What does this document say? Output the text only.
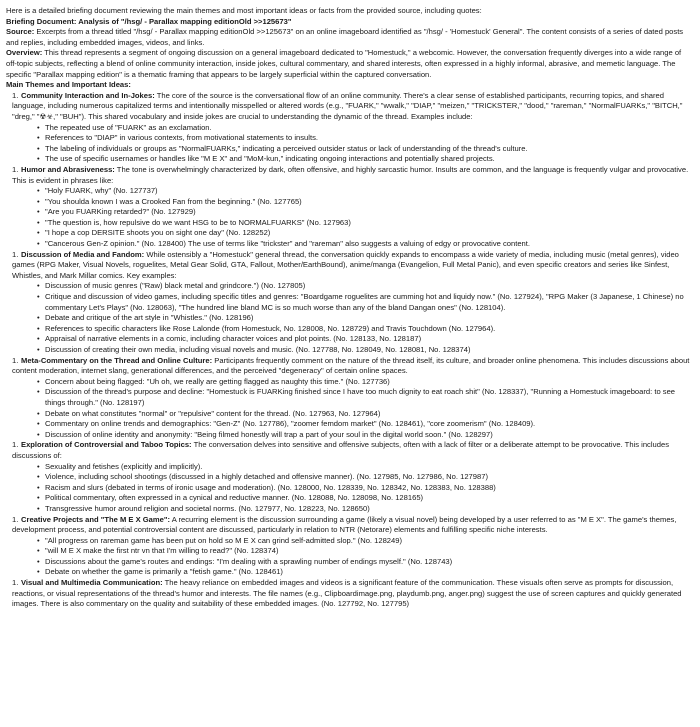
Here is a detailed briefing document reviewing the main themes and most important ideas or facts from the provided source, including quotes:

Briefing Document: Analysis of "/hsg/ - Parallax mapping editionOld >>125673"

Source: Excerpts from a thread titled "/hsg/ - Parallax mapping editionOld >>125673" on an online imageboard identified as "/hsg/ - 'Homestuck' General". The content consists of a series of dated posts and replies, including embedded images, videos, and links.

Overview: This thread represents a segment of ongoing discussion on a general imageboard dedicated to "Homestuck," a webcomic. However, the conversation frequently diverges into a wide range of off-topic subjects, reflecting a blend of online community interaction, inside jokes, cultural commentary, and shared interests, often expressed in a highly informal, abrasive, and memetic language. The specific "Parallax mapping edition" is a thematic framing that appears to be largely superficial within the captured conversation.

Main Themes and Important Ideas:

1. Community Interaction and In-Jokes: The core of the source is the conversational flow of an online community. There's a clear sense of established participants, recurring topics, and shared language, including numerous capitalized terms and intentionally misspelled or altered words (e.g., "FUARK," "wwalk," "DIAP," "meizen," "TRICKSTER," "dood," "rareman," "NormalFUARKs," "BITCH," "dreg," "☢☣," "BUH"). This shared vocabulary and inside jokes are crucial to understanding the dynamic of the thread. Examples include:

• The repeated use of "FUARK" as an exclamation.
• References to "DIAP" in various contexts, from motivational statements to insults.
• The labeling of individuals or groups as "NormalFUARKs," indicating a perceived outsider status or lack of understanding of the thread's culture.
• The use of specific usernames or handles like "M E X" and "MoM-kun," indicating ongoing interactions and potentially shared projects.

1. Humor and Abrasiveness: The tone is overwhelmingly characterized by dark, often offensive, and highly sarcastic humor. Insults are common, and the language is frequently vulgar and provocative. This is evident in phrases like:

• "Holy FUARK, why" (No. 127737)
• "You shoulda known I was a Crooked Fan from the beginning." (No. 127765)
• "Are you FUARKing retarded?" (No. 127929)
• "The question is, how repulsive do we want HSG to be to NORMALFUARKS" (No. 127963)
• "I hope a cop DERSITE shoots you on sight one day" (No. 128252)
• "Cancerous Gen-Z opinion." (No. 128400) The use of terms like "trickster" and "rareman" also suggests a valuing of edgy or provocative content.

1. Discussion of Media and Fandom: While ostensibly a "Homestuck" general thread, the conversation quickly expands to encompass a wide variety of media, including music (metal genres), video games (RPG Maker, Visual Novels, roguelites, Metal Gear Solid, GTA, Fallout, Mother/EarthBound), anime/manga (Evangelion, Full Metal Panic), and even specific creators and series like Sinfest, Whistles, and Mark Millar comics. Key examples:

• Discussion of music genres ("Raw) black metal and grindcore.") (No. 127805)
• Critique and discussion of video games, including specific titles and genres: "Boardgame roguelites are cumming hot and liquidy now." (No. 127924), "RPG Maker (3 Japanese, 1 Chinese) no commentary Let's Plays" (No. 128063), "The hundred line bland MC is so much worse than any of the bland Dangan ones" (No. 128104).
• Debate and critique of the art style in "Whistles." (No. 128196)
• References to specific characters like Rose Lalonde (from Homestuck, No. 128008, No. 128729) and Travis Touchdown (No. 127964).
• Appraisal of narrative elements in a comic, including character voices and plot points. (No. 128133, No. 128187)
• Discussion of creating their own media, including visual novels and music. (No. 127788, No. 128049, No. 128081, No. 128374)

1. Meta-Commentary on the Thread and Online Culture: Participants frequently comment on the nature of the thread itself, its culture, and broader online phenomena. This includes discussions about content moderation, internet slang, generational differences, and the perceived "degeneracy" of certain online spaces.

• Concern about being flagged: "Uh oh, we really are getting flagged as naughty this time." (No. 127736)
• Discussion of the thread's purpose and decline: "Homestuck is FUARKing finished since I have too much dignity to eat roach shit" (No. 128337), "Running a Homestuck imageboard: to see things through." (No. 128197)
• Debate on what constitutes "normal" or "repulsive" content for the thread. (No. 127963, No. 127964)
• Commentary on online trends and demographics: "Gen-Z" (No. 127786), "zoomer femdom market" (No. 128461), "core zoomerism" (No. 128409).
• Discussion of online identity and anonymity: "Being filmed honestly will trap a part of your soul in the digital world soon." (No. 128297)

1. Exploration of Controversial and Taboo Topics: The conversation delves into sensitive and offensive subjects, often with a lack of filter or a deliberate attempt to be provocative. This includes discussions of:

• Sexuality and fetishes (explicitly and implicitly).
• Violence, including school shootings (discussed in a highly detached and offensive manner). (No. 127985, No. 127986, No. 127987)
• Racism and slurs (debated in terms of ironic usage and moderation). (No. 128000, No. 128339, No. 128342, No. 128383, No. 128388)
• Political commentary, often expressed in a cynical and reductive manner. (No. 128088, No. 128098, No. 128165)
• Transgressive humor around religion and societal norms. (No. 127977, No. 128223, No. 128650)

1. Creative Projects and "The M E X Game": A recurring element is the discussion surrounding a game (likely a visual novel) being developed by a user referred to as "M E X". The game's themes, development process, and potential controversial content are discussed, particularly in relation to NTR (Netorare) elements and fulfilling specific niche interests.

• "All progress on rareman game has been put on hold so M E X can grind self-admitted slop." (No. 128249)
• "will M E X make the first ntr vn that I'm willing to read?" (No. 128374)
• Discussions about the game's routes and endings: "I'm dealing with a sprawling number of endings myself." (No. 128743)
• Debate on whether the game is primarily a "fetish game." (No. 128461)

1. Visual and Multimedia Communication: The heavy reliance on embedded images and videos is a significant feature of the communication. These visuals often serve as prompts for discussion, reactions, or visual representations of the thread's humor and interests. The file names (e.g., Clipboardimage.png, playdumb.png, anger.png) suggest the use of screen captures and quickly generated images. There is also commentary on the quality and suitability of these embedded images. (No. 127792, No. 127795)
